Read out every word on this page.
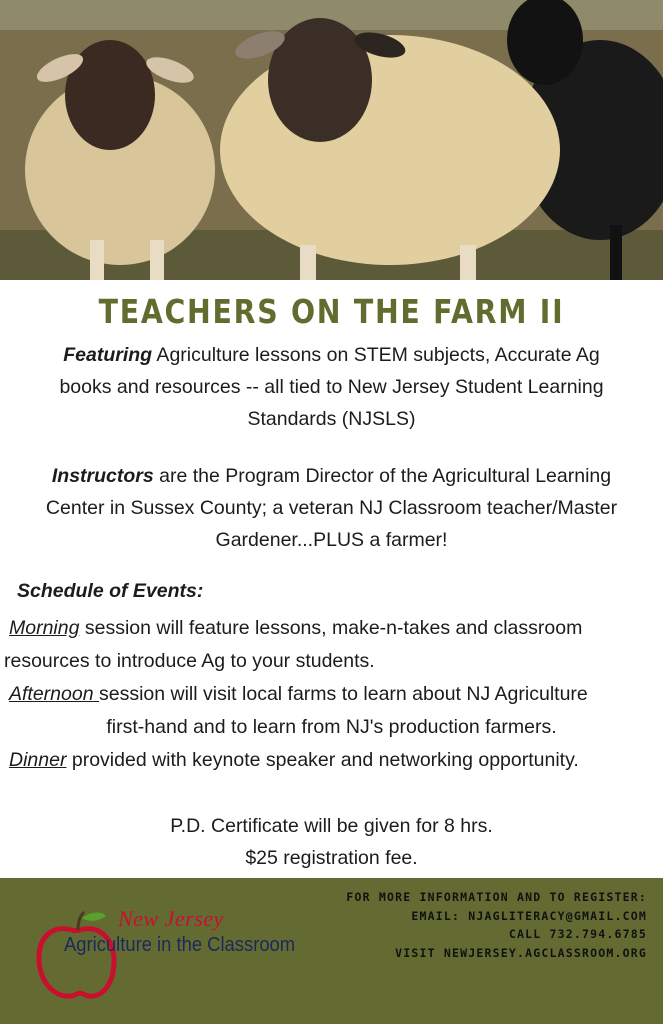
TEACHERS ON THE FARM II
Featuring Agriculture lessons on STEM subjects, Accurate Ag
books and resources -- all tied to New Jersey Student Learning
Standards (NJSLS)
Instructors are the Program Director of the Agricultural Learning
Center in Sussex County; a veteran NJ Classroom teacher/Master
Gardener...PLUS a farmer!
Schedule of Events:
Morning session will feature lessons, make-n-takes and classroom
resources to introduce Ag to your students.
Afternoon session will visit local farms to learn about NJ Agriculture
first-hand and to learn from NJ's production farmers.
Dinner provided with keynote speaker and networking opportunity.
P.D. Certificate will be given for 8 hrs.
$25 registration fee.
FOR MORE INFORMATION AND TO REGISTER:
EMAIL: NJAGLITERACY@GMAIL.COM
CALL 732.794.6785
VISIT NEWJERSEY.AGCLASSROOM.ORG
New Jersey
Agriculture in the Classroom
